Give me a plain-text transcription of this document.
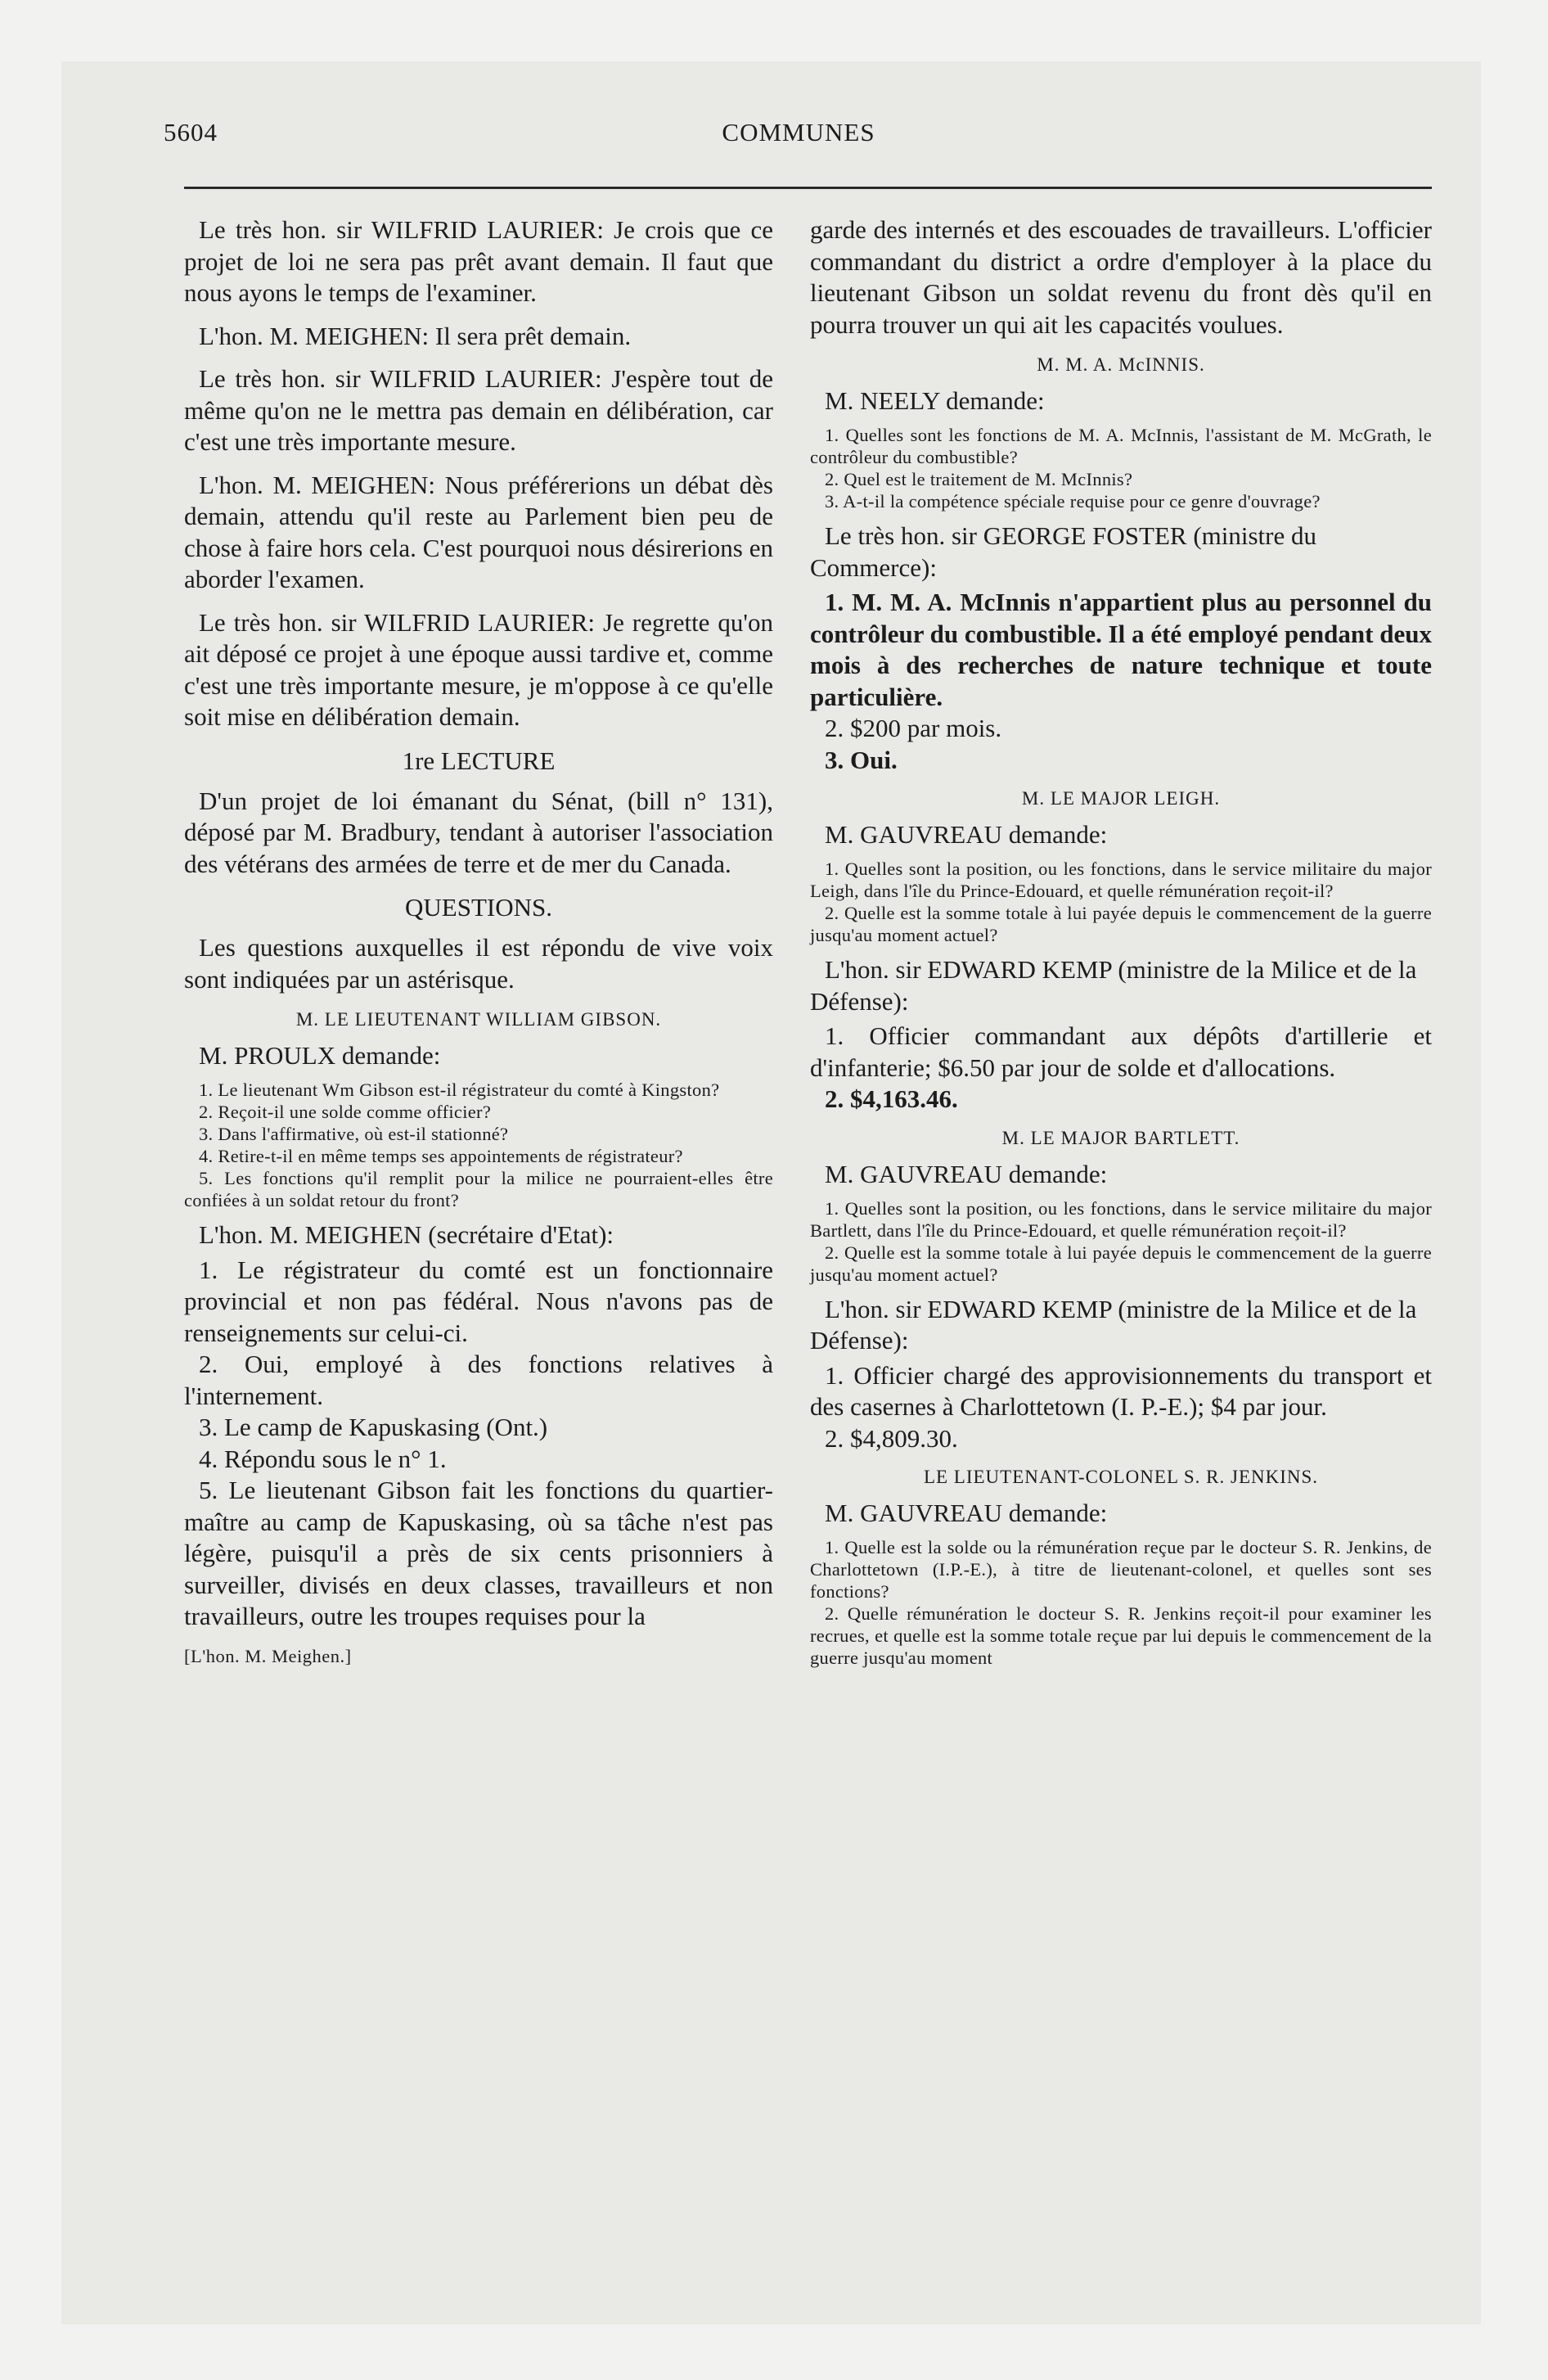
5604	COMMUNES

Le très hon. sir WILFRID LAURIER: Je crois que ce projet de loi ne sera pas prêt avant demain. Il faut que nous ayons le temps de l'examiner.

L'hon. M. MEIGHEN: Il sera prêt demain.

Le très hon. sir WILFRID LAURIER: J'espère tout de même qu'on ne le mettra pas demain en délibération, car c'est une très importante mesure.

L'hon. M. MEIGHEN: Nous préférerions un débat dès demain, attendu qu'il reste au Parlement bien peu de chose à faire hors cela. C'est pourquoi nous désirerions en aborder l'examen.

Le très hon. sir WILFRID LAURIER: Je regrette qu'on ait déposé ce projet à une époque aussi tardive et, comme c'est une très importante mesure, je m'oppose à ce qu'elle soit mise en délibération demain.

1re LECTURE

D'un projet de loi émanant du Sénat, (bill n° 131), déposé par M. Bradbury, tendant à autoriser l'association des vétérans des armées de terre et de mer du Canada.

QUESTIONS.

Les questions auxquelles il est répondu de vive voix sont indiquées par un astérisque.

M. LE LIEUTENANT WILLIAM GIBSON.
M. PROULX demande:

1. Le lieutenant Wm Gibson est-il régistrateur du comté à Kingston?

2. Reçoit-il une solde comme officier?

3. Dans l'affirmative, où est-il stationné?

4. Retire-t-il en même temps ses appointements de régistrateur?

5. Les fonctions qu'il remplit pour la milice ne pourraient-elles être confiées à un soldat retour du front?

L'hon. M. MEIGHEN (secrétaire d'Etat):

1. Le régistrateur du comté est un fonctionnaire provincial et non pas fédéral. Nous n'avons pas de renseignements sur celui-ci.

2. Oui, employé à des fonctions relatives à l'internement.

3. Le camp de Kapuskasing (Ont.)

4. Répondu sous le n° 1.

5. Le lieutenant Gibson fait les fonctions du quartier-maître au camp de Kapuskasing, où sa tâche n'est pas légère, puisqu'il a près de six cents prisonniers à surveiller, divisés en deux classes, travailleurs et non travailleurs, outre les troupes requises pour la

[L'hon. M. Meighen.]

garde des internés et des escouades de travailleurs. L'officier commandant du district a ordre d'employer à la place du lieutenant Gibson un soldat revenu du front dès qu'il en pourra trouver un qui ait les capacités voulues.

M. M. A. McINNIS.
M. NEELY demande:

1. Quelles sont les fonctions de M. A. McInnis, l'assistant de M. McGrath, le contrôleur du combustible?

2. Quel est le traitement de M. McInnis?

3. A-t-il la compétence spéciale requise pour ce genre d'ouvrage?

Le très hon. sir GEORGE FOSTER (ministre du Commerce):

1. M. M. A. McInnis n'appartient plus au personnel du contrôleur du combustible. Il a été employé pendant deux mois à des recherches de nature technique et toute particulière.

2. $200 par mois.

3. Oui.

M. LE MAJOR LEIGH.
M. GAUVREAU demande:

1. Quelles sont la position, ou les fonctions, dans le service militaire du major Leigh, dans l'île du Prince-Edouard, et quelle rémunération reçoit-il?

2. Quelle est la somme totale à lui payée depuis le commencement de la guerre jusqu'au moment actuel?

L'hon. sir EDWARD KEMP (ministre de la Milice et de la Défense):

1. Officier commandant aux dépôts d'artillerie et d'infanterie; $6.50 par jour de solde et d'allocations.

2. $4,163.46.

M. LE MAJOR BARTLETT.
M. GAUVREAU demande:

1. Quelles sont la position, ou les fonctions, dans le service militaire du major Bartlett, dans l'île du Prince-Edouard, et quelle rémunération reçoit-il?

2. Quelle est la somme totale à lui payée depuis le commencement de la guerre jusqu'au moment actuel?

L'hon. sir EDWARD KEMP (ministre de la Milice et de la Défense):

1. Officier chargé des approvisionnements du transport et des casernes à Charlottetown (I. P.-E.); $4 par jour.

2. $4,809.30.

LE LIEUTENANT-COLONEL S. R. JENKINS.
M. GAUVREAU demande:

1. Quelle est la solde ou la rémunération reçue par le docteur S. R. Jenkins, de Charlottetown (I.P.-E.), à titre de lieutenant-colonel, et quelles sont ses fonctions?

2. Quelle rémunération le docteur S. R. Jenkins reçoit-il pour examiner les recrues, et quelle est la somme totale reçue par lui depuis le commencement de la guerre jusqu'au moment
